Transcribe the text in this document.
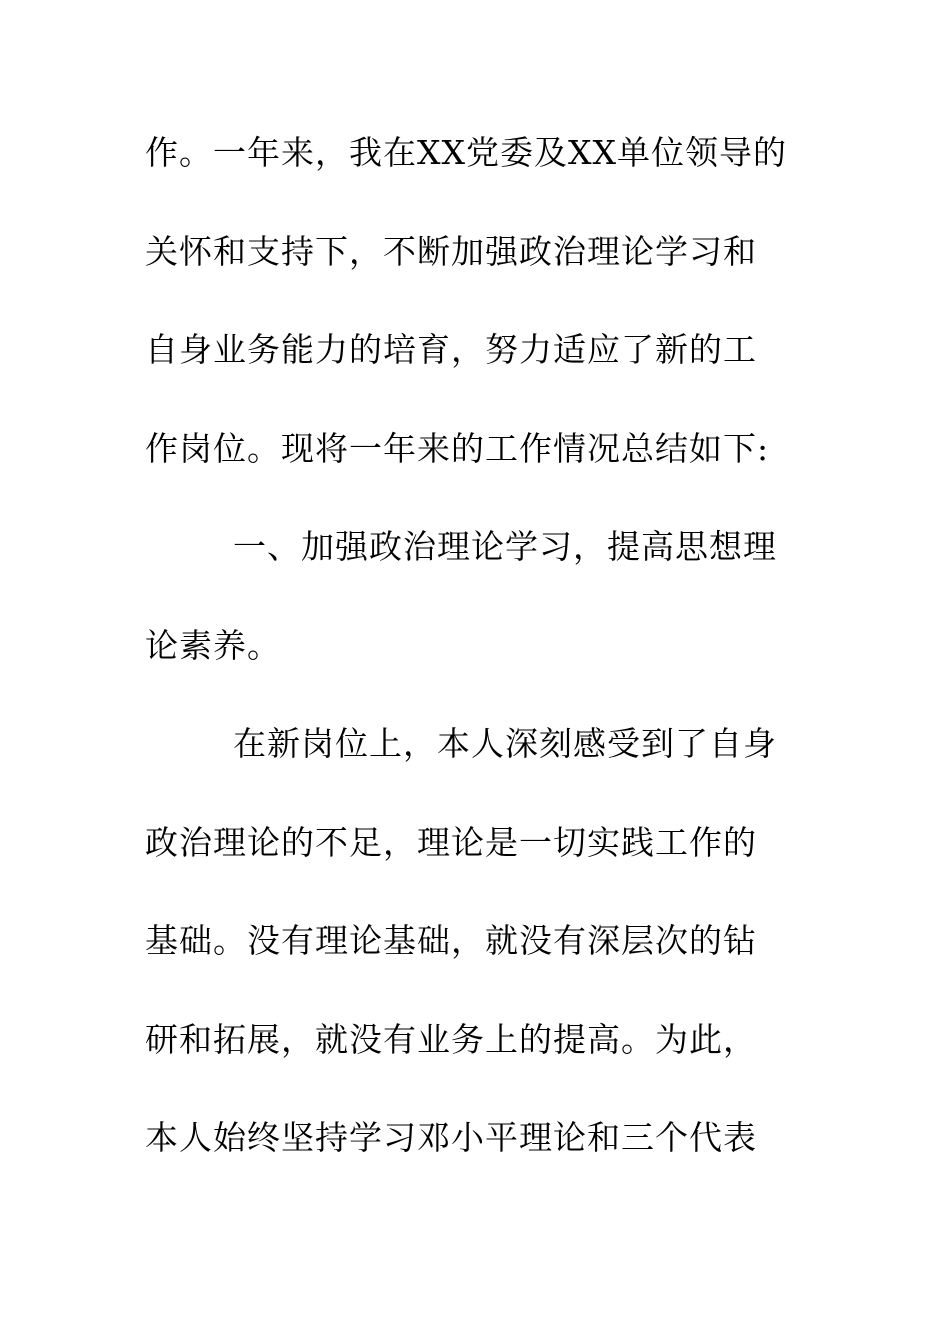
作。一年来，我在XX党委及XX单位领导的
关怀和支持下，不断加强政治理论学习和
自身业务能力的培育，努力适应了新的工
作岗位。现将一年来的工作情况总结如下:
一、加强政治理论学习，提高思想理
论素养。
在新岗位上，本人深刻感受到了自身
政治理论的不足，理论是一切实践工作的
基础。没有理论基础，就没有深层次的钻
研和拓展，就没有业务上的提高。为此，
本人始终坚持学习邓小平理论和三个代表
